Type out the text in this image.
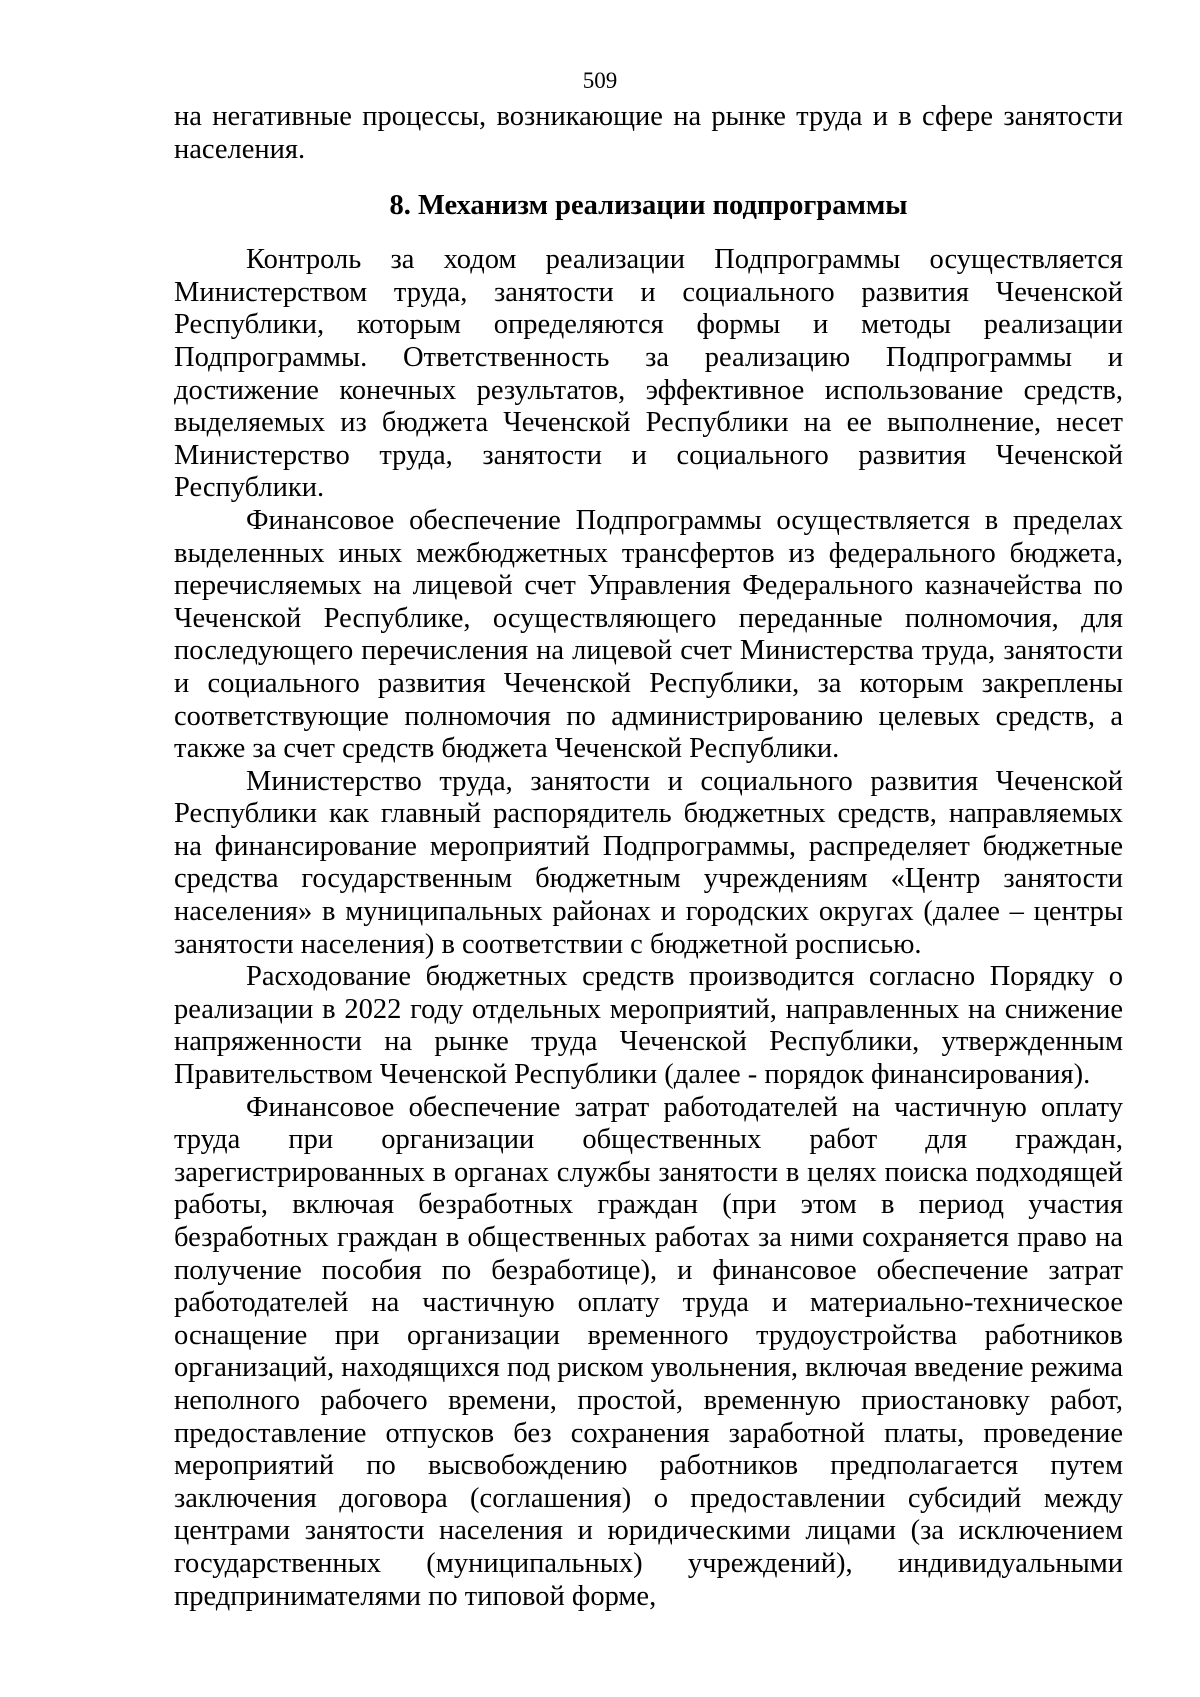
509

на негативные процессы, возникающие на рынке труда и в сфере занятости населения.

8. Механизм реализации подпрограммы

Контроль за ходом реализации Подпрограммы осуществляется Министерством труда, занятости и социального развития Чеченской Республики, которым определяются формы и методы реализации Подпрограммы. Ответственность за реализацию Подпрограммы и достижение конечных результатов, эффективное использование средств, выделяемых из бюджета Чеченской Республики на ее выполнение, несет Министерство труда, занятости и социального развития Чеченской Республики.

Финансовое обеспечение Подпрограммы осуществляется в пределах выделенных иных межбюджетных трансфертов из федерального бюджета, перечисляемых на лицевой счет Управления Федерального казначейства по Чеченской Республике, осуществляющего переданные полномочия, для последующего перечисления на лицевой счет Министерства труда, занятости и социального развития Чеченской Республики, за которым закреплены соответствующие полномочия по администрированию целевых средств, а также за счет средств бюджета Чеченской Республики.

Министерство труда, занятости и социального развития Чеченской Республики как главный распорядитель бюджетных средств, направляемых на финансирование мероприятий Подпрограммы, распределяет бюджетные средства государственным бюджетным учреждениям «Центр занятости населения» в муниципальных районах и городских округах (далее – центры занятости населения) в соответствии с бюджетной росписью.

Расходование бюджетных средств производится согласно Порядку о реализации в 2022 году отдельных мероприятий, направленных на снижение напряженности на рынке труда Чеченской Республики, утвержденным Правительством Чеченской Республики (далее - порядок финансирования).

Финансовое обеспечение затрат работодателей на частичную оплату труда при организации общественных работ для граждан, зарегистрированных в органах службы занятости в целях поиска подходящей работы, включая безработных граждан (при этом в период участия безработных граждан в общественных работах за ними сохраняется право на получение пособия по безработице), и финансовое обеспечение затрат работодателей на частичную оплату труда и материально-техническое оснащение при организации временного трудоустройства работников организаций, находящихся под риском увольнения, включая введение режима неполного рабочего времени, простой, временную приостановку работ, предоставление отпусков без сохранения заработной платы, проведение мероприятий по высвобождению работников предполагается путем заключения договора (соглашения) о предоставлении субсидий между центрами занятости населения и юридическими лицами (за исключением государственных (муниципальных) учреждений), индивидуальными предпринимателями по типовой форме,
